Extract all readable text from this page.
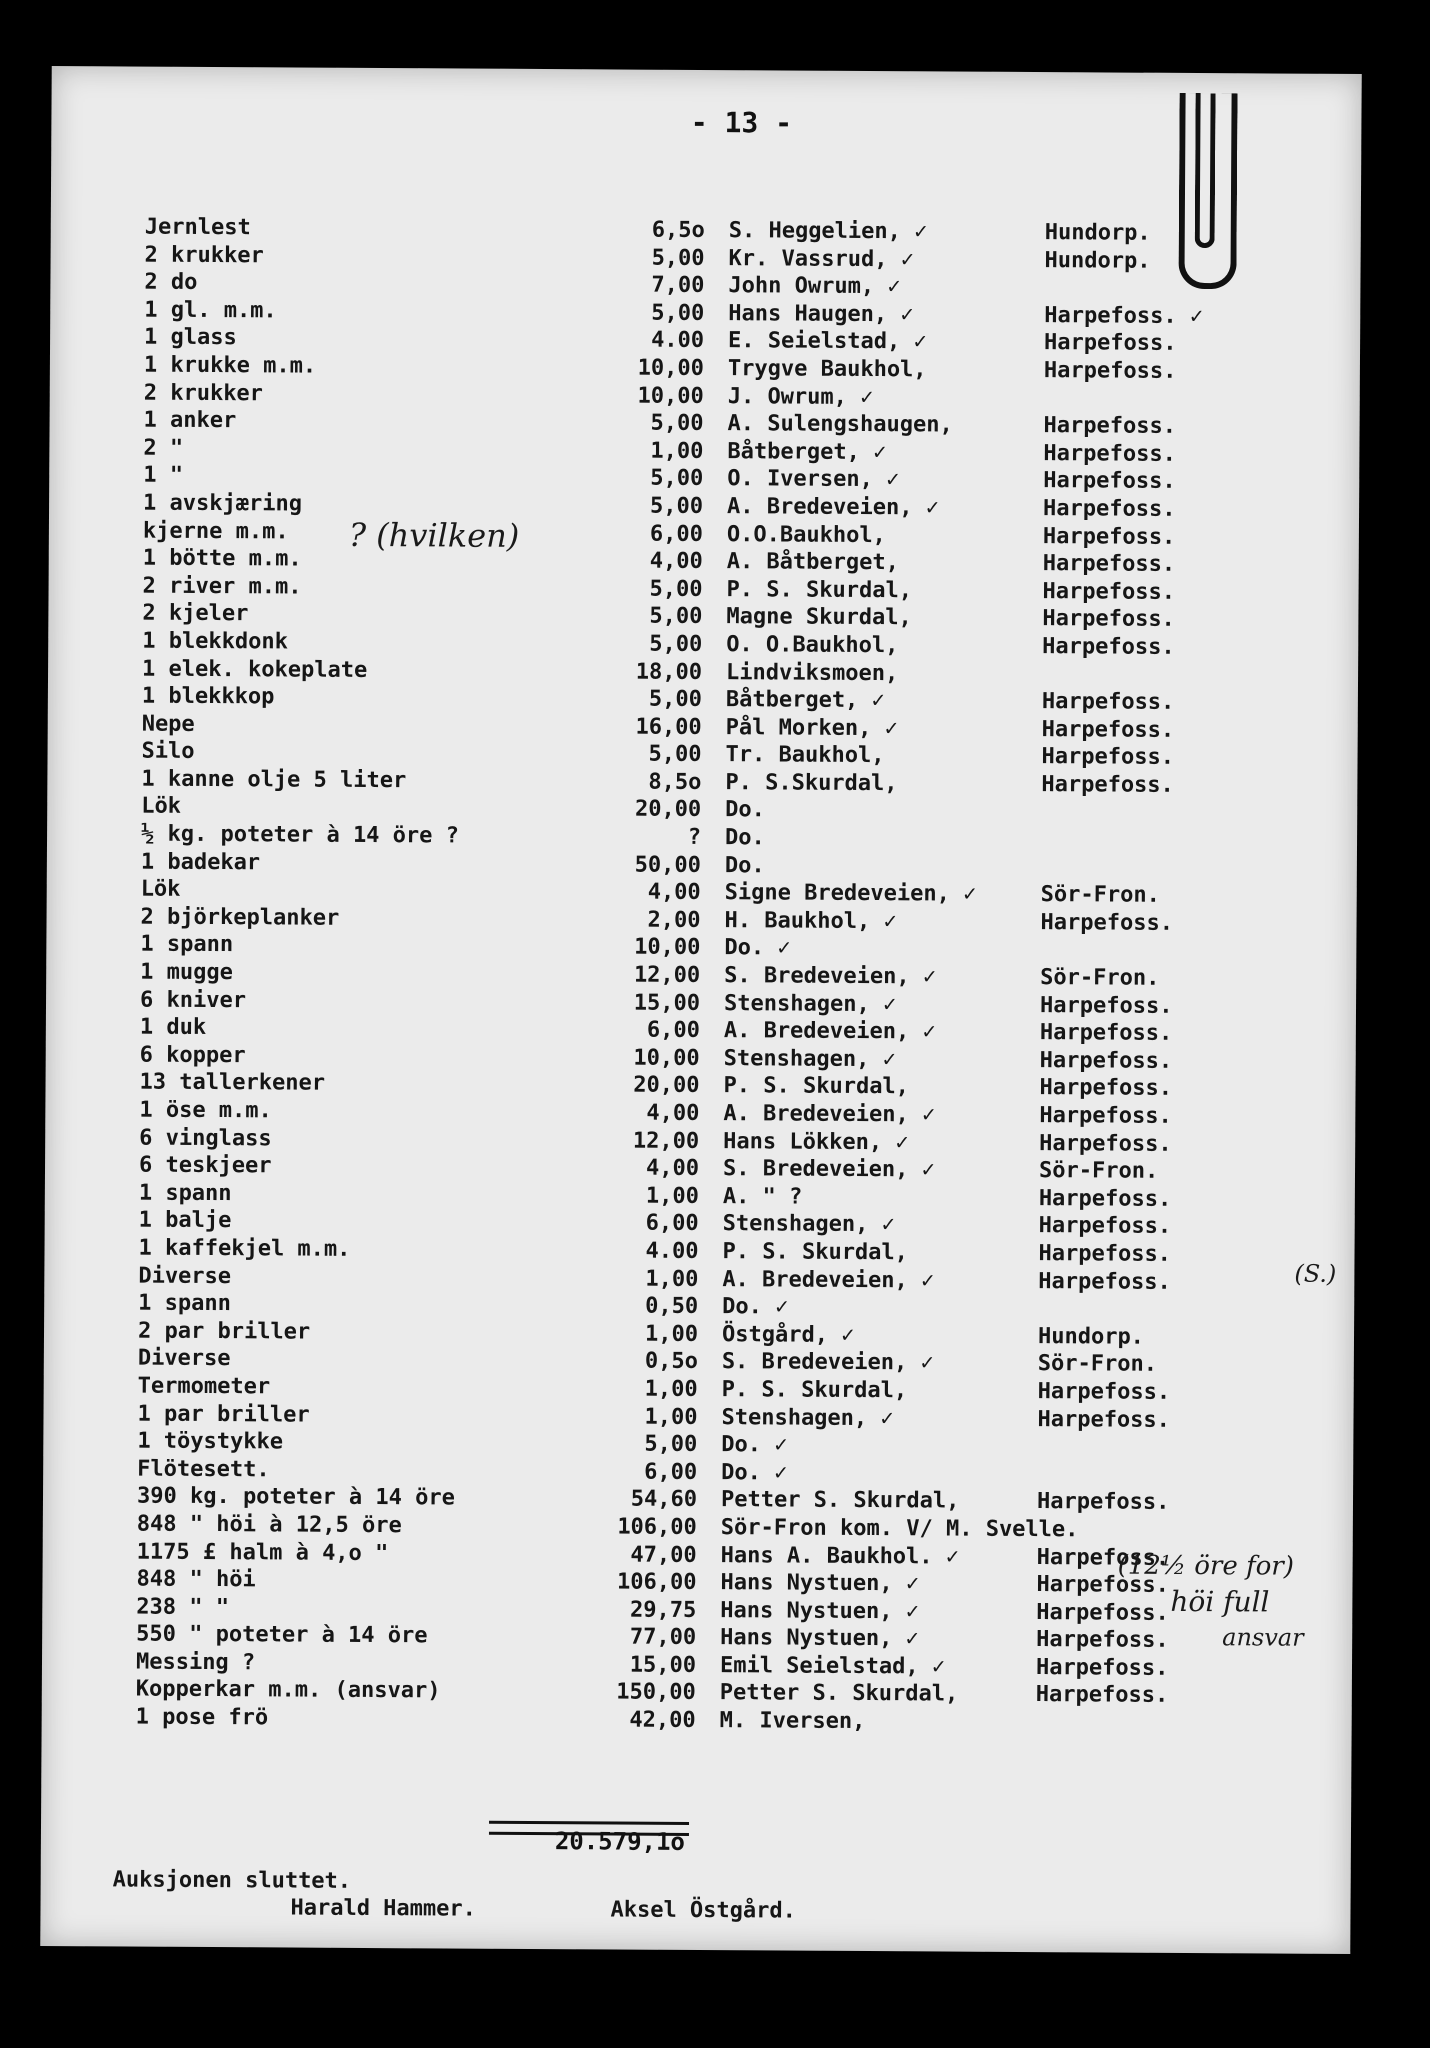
- 13 -
Jernlest	6,5o S. Heggelien, ✓	Hundorp.
2 krukker	5,00 Kr. Vassrud, ✓	Hundorp.
2 do	7,00 John Owrum, ✓
1 gl. m.m.	5,00 Hans Haugen, ✓	Harpefoss. ✓
1 glass	4.00 E. Seielstad, ✓	Harpefoss.
1 krukke m.m.	10,00 Trygve Baukhol,	Harpefoss.
2 krukker	10,00 J. Owrum, ✓
1 anker	5,00 A. Sulengshaugen,	Harpefoss.
2 "	1,00 Båtberget, ✓	Harpefoss.
1 "	5,00 O. Iversen, ✓	Harpefoss.
1 avskjæring	5,00 A. Bredeveien, ✓	Harpefoss.
kjerne m.m.	6,00 O.O.Baukhol,	Harpefoss.
1 bötte m.m.	4,00 A. Båtberget,	Harpefoss.
2 river m.m.	5,00 P. S. Skurdal,	Harpefoss.
2 kjeler	5,00 Magne Skurdal,	Harpefoss.
1 blekkdonk	5,00 O. O.Baukhol,	Harpefoss.
1 elek. kokeplate	18,00 Lindviksmoen,
1 blekkkop	5,00 Båtberget, ✓	Harpefoss.
Nepe	16,00 Pål Morken, ✓	Harpefoss.
Silo	5,00 Tr. Baukhol,	Harpefoss.
1 kanne olje 5 liter	8,5o P. S.Skurdal,	Harpefoss.
Lök	20,00 Do.
½ kg. poteter à 14 öre ?	? Do.
1 badekar	50,00 Do.
Lök	4,00 Signe Bredeveien, ✓	Sör-Fron.
2 björkeplanker	2,00 H. Baukhol, ✓	Harpefoss.
1 spann	10,00 Do. ✓
1 mugge	12,00 S. Bredeveien, ✓	Sör-Fron.
6 kniver	15,00 Stenshagen, ✓	Harpefoss.
1 duk	6,00 A. Bredeveien, ✓	Harpefoss.
6 kopper	10,00 Stenshagen, ✓	Harpefoss.
13 tallerkener	20,00 P. S. Skurdal,	Harpefoss.
1 öse m.m.	4,00 A. Bredeveien, ✓	Harpefoss.
6 vinglass	12,00 Hans Lökken, ✓	Harpefoss.
6 teskjeer	4,00 S. Bredeveien, ✓	Sör-Fron.
1 spann	1,00 A. " ?	Harpefoss.
1 balje	6,00 Stenshagen, ✓	Harpefoss.
1 kaffekjel m.m.	4.00 P. S. Skurdal,	Harpefoss.
Diverse	1,00 A. Bredeveien, ✓	Harpefoss.
1 spann	0,50 Do. ✓
2 par briller	1,00 Östgård, ✓	Hundorp.
Diverse	0,5o S. Bredeveien, ✓	Sör-Fron.
Termometer	1,00 P. S. Skurdal,	Harpefoss.
1 par briller	1,00 Stenshagen, ✓	Harpefoss.
1 töystykke	5,00 Do. ✓
Flötesett.	6,00 Do. ✓
390 kg. poteter à 14 öre	54,60 Petter S. Skurdal,	Harpefoss.
848 " höi à 12,5 öre	106,00 Sör-Fron kom. V/ M. Svelle.
1175 £ halm à 4,o "	47,00 Hans A. Baukhol. ✓	Harpefoss.
848 " höi	106,00 Hans Nystuen, ✓	Harpefoss.
238 " "	29,75 Hans Nystuen, ✓	Harpefoss.
550 " poteter à 14 öre	77,00 Hans Nystuen, ✓	Harpefoss.
Messing ?	15,00 Emil Seielstad, ✓	Harpefoss.
Kopperkar m.m. (ansvar)	150,00 Petter S. Skurdal,	Harpefoss.
1 pose frö	42,00 M. Iversen,
? (hvilken)
(12½ öre for)
höi full
ansvar
(S.)
20.579,1o
Auksjonen sluttet.
Harald Hammer.	Aksel Östgård.
